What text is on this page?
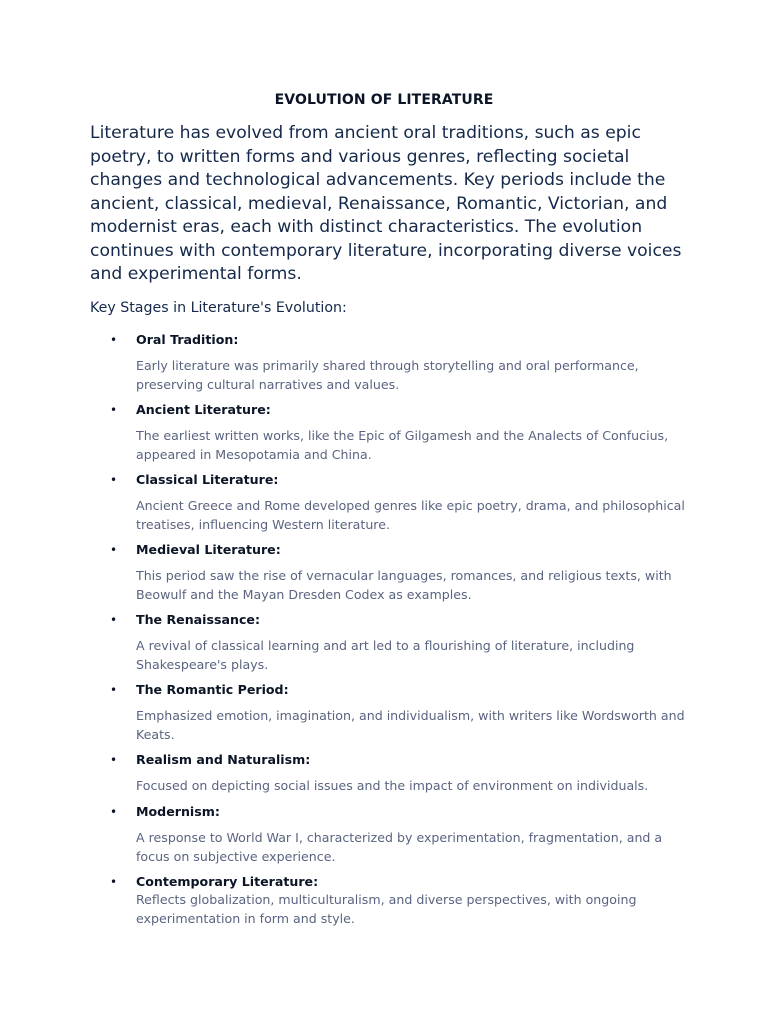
EVOLUTION OF LITERATURE
Literature has evolved from ancient oral traditions, such as epic poetry, to written forms and various genres, reflecting societal changes and technological advancements. Key periods include the ancient, classical, medieval, Renaissance, Romantic, Victorian, and modernist eras, each with distinct characteristics. The evolution continues with contemporary literature, incorporating diverse voices and experimental forms.
Key Stages in Literature's Evolution:
• Oral Tradition:
Early literature was primarily shared through storytelling and oral performance, preserving cultural narratives and values.
• Ancient Literature:
The earliest written works, like the Epic of Gilgamesh and the Analects of Confucius, appeared in Mesopotamia and China.
• Classical Literature:
Ancient Greece and Rome developed genres like epic poetry, drama, and philosophical treatises, influencing Western literature.
• Medieval Literature:
This period saw the rise of vernacular languages, romances, and religious texts, with Beowulf and the Mayan Dresden Codex as examples.
• The Renaissance:
A revival of classical learning and art led to a flourishing of literature, including Shakespeare's plays.
• The Romantic Period:
Emphasized emotion, imagination, and individualism, with writers like Wordsworth and Keats.
• Realism and Naturalism:
Focused on depicting social issues and the impact of environment on individuals.
• Modernism:
A response to World War I, characterized by experimentation, fragmentation, and a focus on subjective experience.
• Contemporary Literature:
Reflects globalization, multiculturalism, and diverse perspectives, with ongoing experimentation in form and style.
